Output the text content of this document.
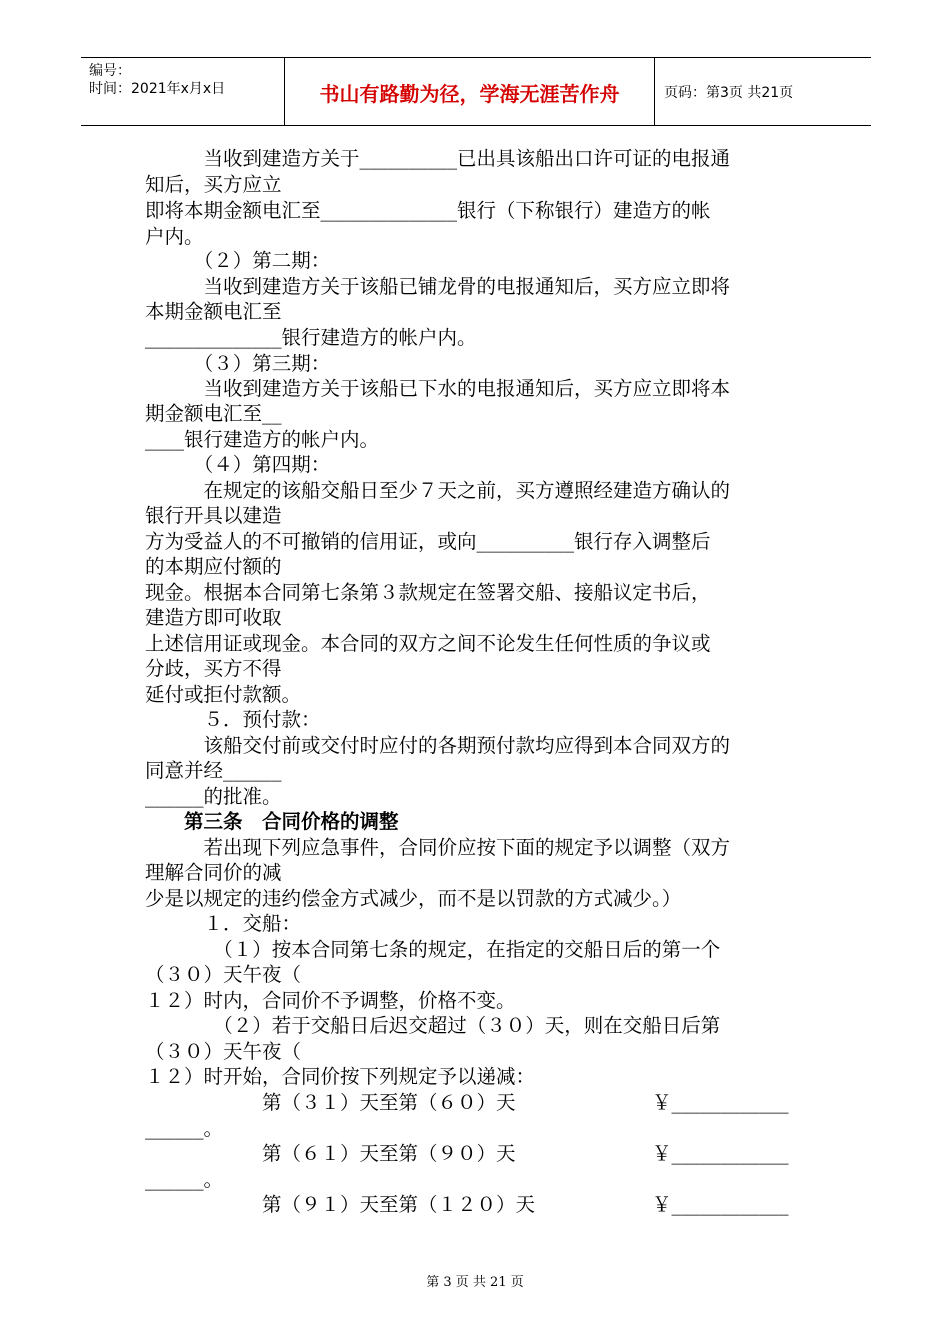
编号：
时间：2021年x月x日	书山有路勤为径，学海无涯苦作舟	页码：第3页 共21页
　　　当收到建造方关于__________已出具该船出口许可证的电报通
知后，买方应立
即将本期金额电汇至______________银行（下称银行）建造方的帐
户内。
　　　（２）第二期：
　　　当收到建造方关于该船已铺龙骨的电报通知后，买方应立即将
本期金额电汇至
______________银行建造方的帐户内。
　　　（３）第三期：
　　　当收到建造方关于该船已下水的电报通知后，买方应立即将本
期金额电汇至__
____银行建造方的帐户内。
　　　（４）第四期：
　　　在规定的该船交船日至少７天之前，买方遵照经建造方确认的
银行开具以建造
方为受益人的不可撤销的信用证，或向__________银行存入调整后
的本期应付额的
现金。根据本合同第七条第３款规定在签署交船、接船议定书后，
建造方即可收取
上述信用证或现金。本合同的双方之间不论发生任何性质的争议或
分歧，买方不得
延付或拒付款额。
　　　５．预付款：
　　　该船交付前或交付时应付的各期预付款均应得到本合同双方的
同意并经______
______的批准。
　　第三条　合同价格的调整
　　　若出现下列应急事件，合同价应按下面的规定予以调整（双方
理解合同价的减
少是以规定的违约偿金方式减少，而不是以罚款的方式减少。）
　　　１．交船：
　　　　（１）按本合同第七条的规定，在指定的交船日后的第一个
（３０）天午夜（
１２）时内，合同价不予调整，价格不变。
　　　　（２）若于交船日后迟交超过（３０）天，则在交船日后第
（３０）天午夜（
１２）时开始，合同价按下列规定予以递减：
　　　　　　第（３１）天至第（６０）天	￥____________
______。
　　　　　　第（６１）天至第（９０）天	￥____________
______。
　　　　　　第（９１）天至第（１２０）天	￥____________
第 3 页 共 21 页
